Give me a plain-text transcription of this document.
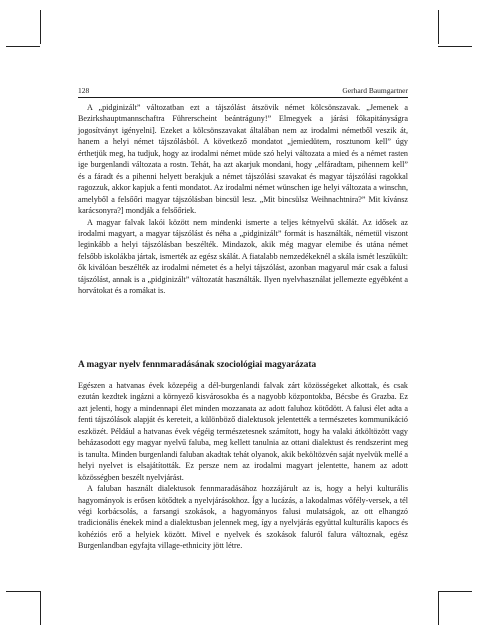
128	Gerhard Baumgartner

A „pidginizált” változatban ezt a tájszólást átszövik német kölcsönszavak. „Jemenek a Bezirkshauptmannschaftra Führerscheint beántráguny!” Elmegyek a járási főkapitányságra jogosítványt igényelni]. Ezeket a kölcsönszavakat általában nem az irodalmi németből veszik át, hanem a helyi német tájszólásból. A következő mondatot „jemiedütem, rosztunom kell” úgy érthetjük meg, ha tudjuk, hogy az irodalmi német müde szó helyi változata a mied és a német rasten ige burgenlandi változata a rostn. Tehát, ha azt akarjuk mondani, hogy „elfáradtam, pihennem kell” és a fáradt és a pihenni helyett berakjuk a német tájszólási szavakat és magyar tájszólási ragokkal ragozzuk, akkor kapjuk a fenti mondatot. Az irodalmi német wünschen ige helyi változata a winschn, amelyből a felsőőri magyar tájszólásban bincsül lesz. „Mit bincsülsz Weihnachtnira?” Mit kívánsz karácsonyra?] mondják a felsőőriek.

A magyar falvak lakói között nem mindenki ismerte a teljes kétnyelvű skálát. Az idősek az irodalmi magyart, a magyar tájszólást és néha a „pidginizált” formát is használták, németül viszont leginkább a helyi tájszólásban beszélték. Mindazok, akik még magyar elemibe és utána német felsőbb iskolákba jártak, ismerték az egész skálát. A fiatalabb nemzedékeknél a skála ismét leszűkült: ők kiválóan beszélték az irodalmi németet és a helyi tájszólást, azonban magyarul már csak a falusi tájszólást, annak is a „pidginizált” változatát használták. Ilyen nyelvhasználat jellemezte egyébként a horvátokat és a romákat is.

A magyar nyelv fennmaradásának szociológiai magyarázata

Egészen a hatvanas évek közepéig a dél-burgenlandi falvak zárt közösségeket alkottak, és csak ezután kezdtek ingázni a környező kisvárosokba és a nagyobb központokba, Bécsbe és Grazba. Ez azt jelenti, hogy a mindennapi élet minden mozzanata az adott faluhoz kötődött. A falusi élet adta a fenti tájszólások alapját és kereteit, a különböző dialektusok jelentették a természetes kommunikáció eszközét. Például a hatvanas évek végéig természetesnek számított, hogy ha valaki átköltözött vagy beházasodott egy magyar nyelvű faluba, meg kellett tanulnia az ottani dialektust és rendszerint meg is tanulta. Minden burgenlandi faluban akadtak tehát olyanok, akik beköltözvén saját nyelvük mellé a helyi nyelvet is elsajátították. Ez persze nem az irodalmi magyart jelentette, hanem az adott közösségben beszélt nyelvjárást.

A faluban használt dialektusok fennmaradásához hozzájárult az is, hogy a helyi kulturális hagyományok is erősen kötődtek a nyelvjárásokhoz. Így a lucázás, a lakodalmas vőfély-versek, a tél végi korbácsolás, a farsangi szokások, a hagyományos falusi mulatságok, az ott elhangzó tradicionális énekek mind a dialektusban jelennek meg, így a nyelvjárás együttal kulturális kapocs és kohéziós erő a helyiek között. Mivel e nyelvek és szokások faluról falura változnak, egész Burgenlandban egyfajta village-ethnicity jött létre.
